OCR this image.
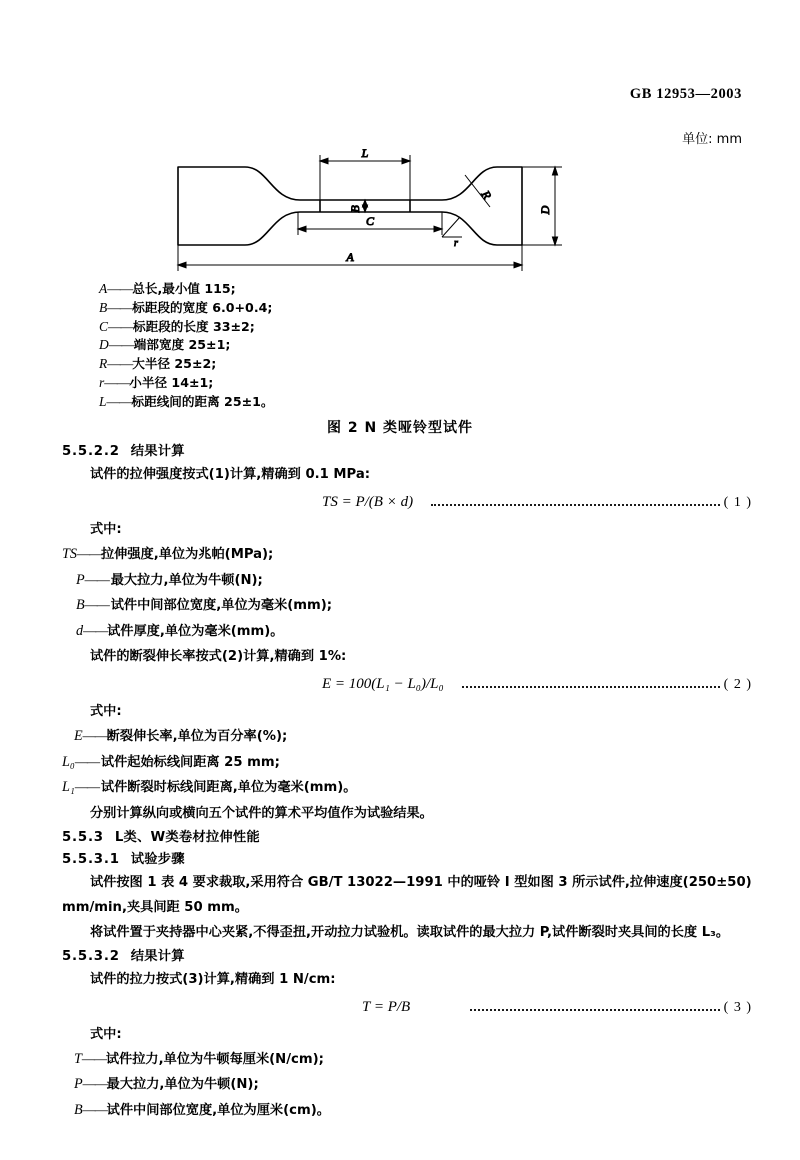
GB 12953—2003
单位: mm
L
B
C
A
D
R
r
A——总长,最小值 115;
B——标距段的宽度 6.0+0.4;
C——标距段的长度 33±2;
D——端部宽度 25±1;
R——大半径 25±2;
r——小半径 14±1;
L——标距线间的距离 25±1。
图 2 N 类哑铃型试件
5.5.2.2 结果计算

试件的拉伸强度按式(1)计算,精确到 0.1 MPa:

TS = P/(B × d)	( 1 )

式中:

TS——拉伸强度,单位为兆帕(MPa);
P—— 最大拉力,单位为牛顿(N);
B—— 试件中间部位宽度,单位为毫米(mm);
d——试件厚度,单位为毫米(mm)。

试件的断裂伸长率按式(2)计算,精确到 1%:

E = 100(L₁ − L₀)/L₀	( 2 )

式中:

E——断裂伸长率,单位为百分率(%);
L₀—— 试件起始标线间距离 25 mm;
L₁—— 试件断裂时标线间距离,单位为毫米(mm)。

分别计算纵向或横向五个试件的算术平均值作为试验结果。

5.5.3 L类、W类卷材拉伸性能
5.5.3.1 试验步骤

试件按图 1 表 4 要求裁取,采用符合 GB/T 13022—1991 中的哑铃 I 型如图 3 所示试件,拉伸速度(250±50) mm/min,夹具间距 50 mm。

将试件置于夹持器中心夹紧,不得歪扭,开动拉力试验机。读取试件的最大拉力 P,试件断裂时夹具间的长度 L₃。

5.5.3.2 结果计算

试件的拉力按式(3)计算,精确到 1 N/cm:

T = P/B	( 3 )

式中:

T——试件拉力,单位为牛顿每厘米(N/cm);
P——最大拉力,单位为牛顿(N);
B——试件中间部位宽度,单位为厘米(cm)。
